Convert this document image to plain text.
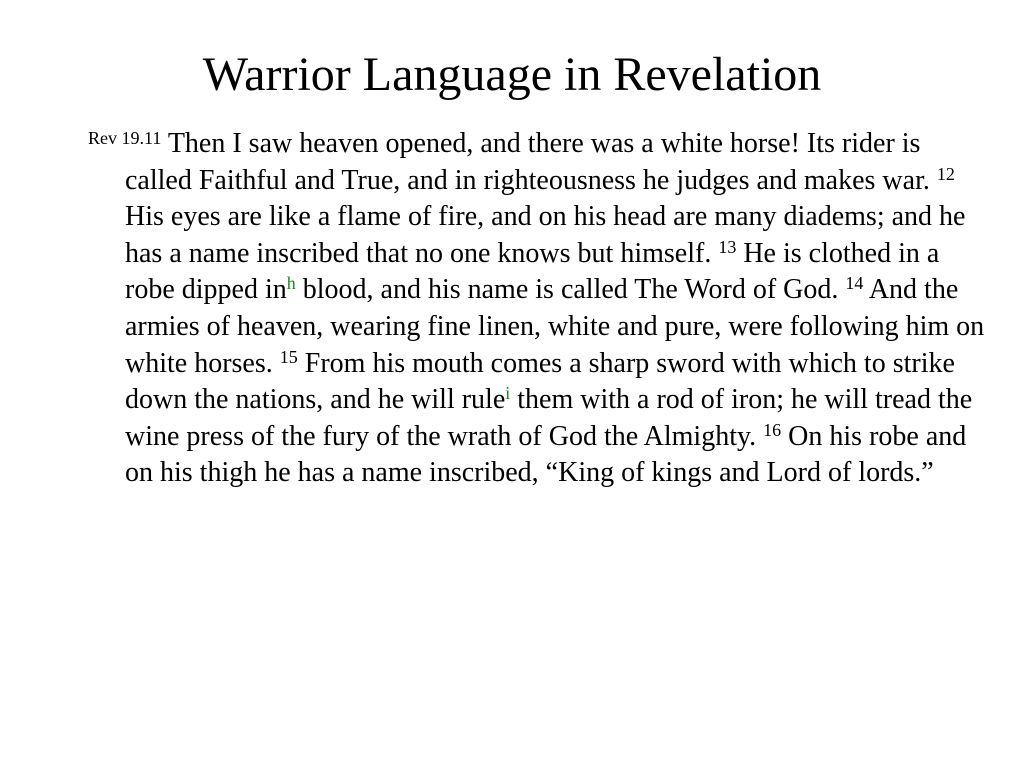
Warrior Language in Revelation

$^{Rev 19.11}$ Then I saw heaven opened, and there was a white horse! Its rider is called Faithful and True, and in righteousness he judges and makes war. $^{12}$ His eyes are like a flame of fire, and on his head are many diadems; and he has a name inscribed that no one knows but himself. $^{13}$ He is clothed in a robe dipped in$^h$ blood, and his name is called The Word of God. $^{14}$ And the armies of heaven, wearing fine linen, white and pure, were following him on white horses. $^{15}$ From his mouth comes a sharp sword with which to strike down the nations, and he will rule$^i$ them with a rod of iron; he will tread the wine press of the fury of the wrath of God the Almighty. $^{16}$ On his robe and on his thigh he has a name inscribed, “King of kings and Lord of lords.”
